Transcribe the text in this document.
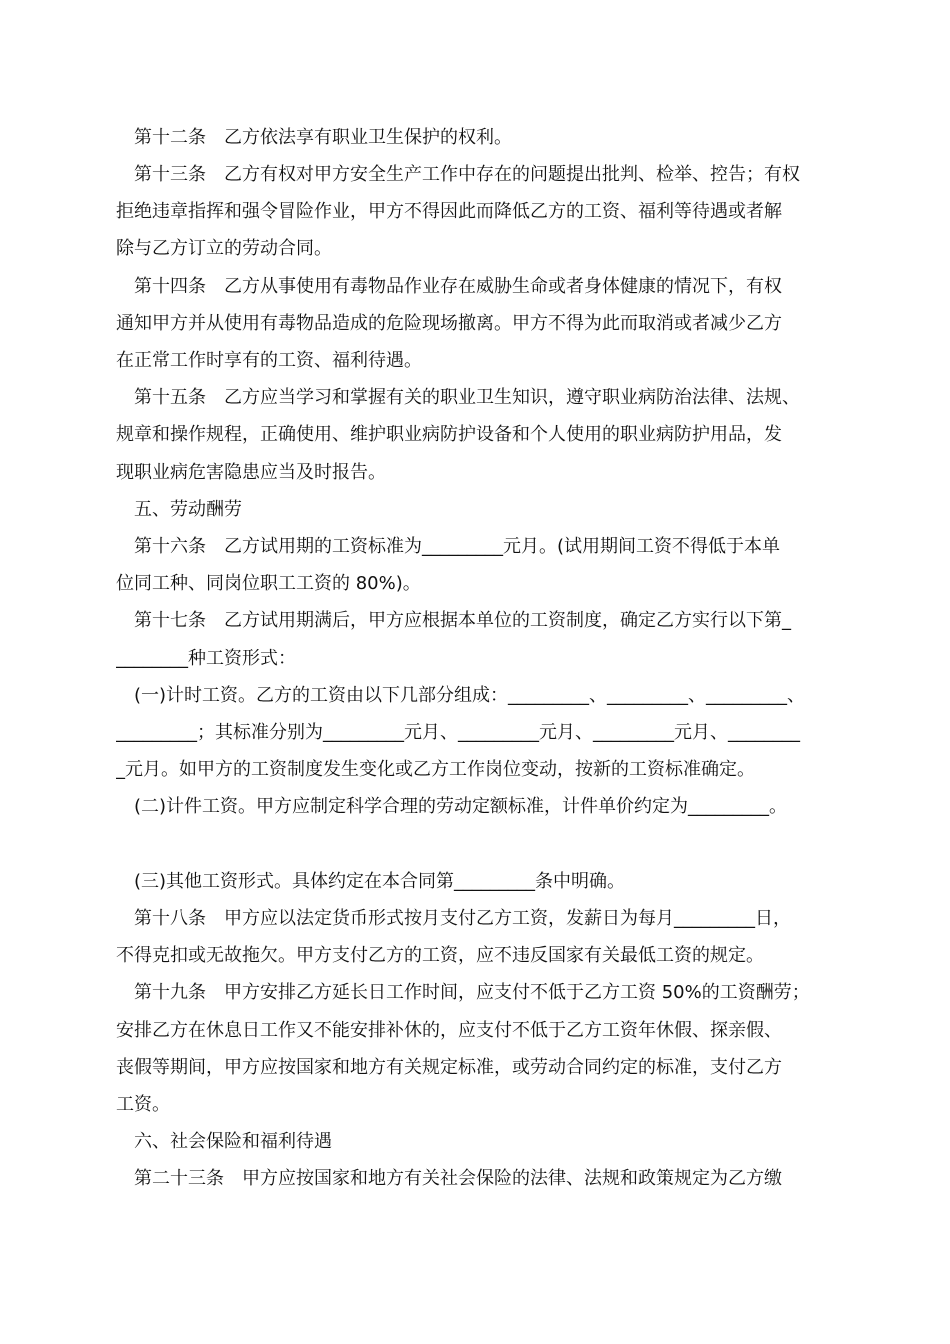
　第十二条　乙方依法享有职业卫生保护的权利。
　第十三条　乙方有权对甲方安全生产工作中存在的问题提出批判、检举、控告；有权
拒绝违章指挥和强令冒险作业，甲方不得因此而降低乙方的工资、福利等待遇或者解
除与乙方订立的劳动合同。
　第十四条　乙方从事使用有毒物品作业存在威胁生命或者身体健康的情况下，有权
通知甲方并从使用有毒物品造成的危险现场撤离。甲方不得为此而取消或者减少乙方
在正常工作时享有的工资、福利待遇。
　第十五条　乙方应当学习和掌握有关的职业卫生知识，遵守职业病防治法律、法规、
规章和操作规程，正确使用、维护职业病防护设备和个人使用的职业病防护用品，发
现职业病危害隐患应当及时报告。
　五、劳动酬劳
　第十六条　乙方试用期的工资标准为_________元月。(试用期间工资不得低于本单
位同工种、同岗位职工工资的 80%)。
　第十七条　乙方试用期满后，甲方应根据本单位的工资制度，确定乙方实行以下第_
________种工资形式：
　(一)计时工资。乙方的工资由以下几部分组成：_________、_________、_________、
_________；其标准分别为_________元月、_________元月、_________元月、________
_元月。如甲方的工资制度发生变化或乙方工作岗位变动，按新的工资标准确定。
　(二)计件工资。甲方应制定科学合理的劳动定额标准，计件单价约定为_________。
　(三)其他工资形式。具体约定在本合同第_________条中明确。
　第十八条　甲方应以法定货币形式按月支付乙方工资，发薪日为每月_________日，
不得克扣或无故拖欠。甲方支付乙方的工资，应不违反国家有关最低工资的规定。
　第十九条　甲方安排乙方延长日工作时间，应支付不低于乙方工资 50%的工资酬劳；
安排乙方在休息日工作又不能安排补休的，应支付不低于乙方工资年休假、探亲假、
丧假等期间，甲方应按国家和地方有关规定标准，或劳动合同约定的标准，支付乙方
工资。
　六、社会保险和福利待遇
　第二十三条　甲方应按国家和地方有关社会保险的法律、法规和政策规定为乙方缴
